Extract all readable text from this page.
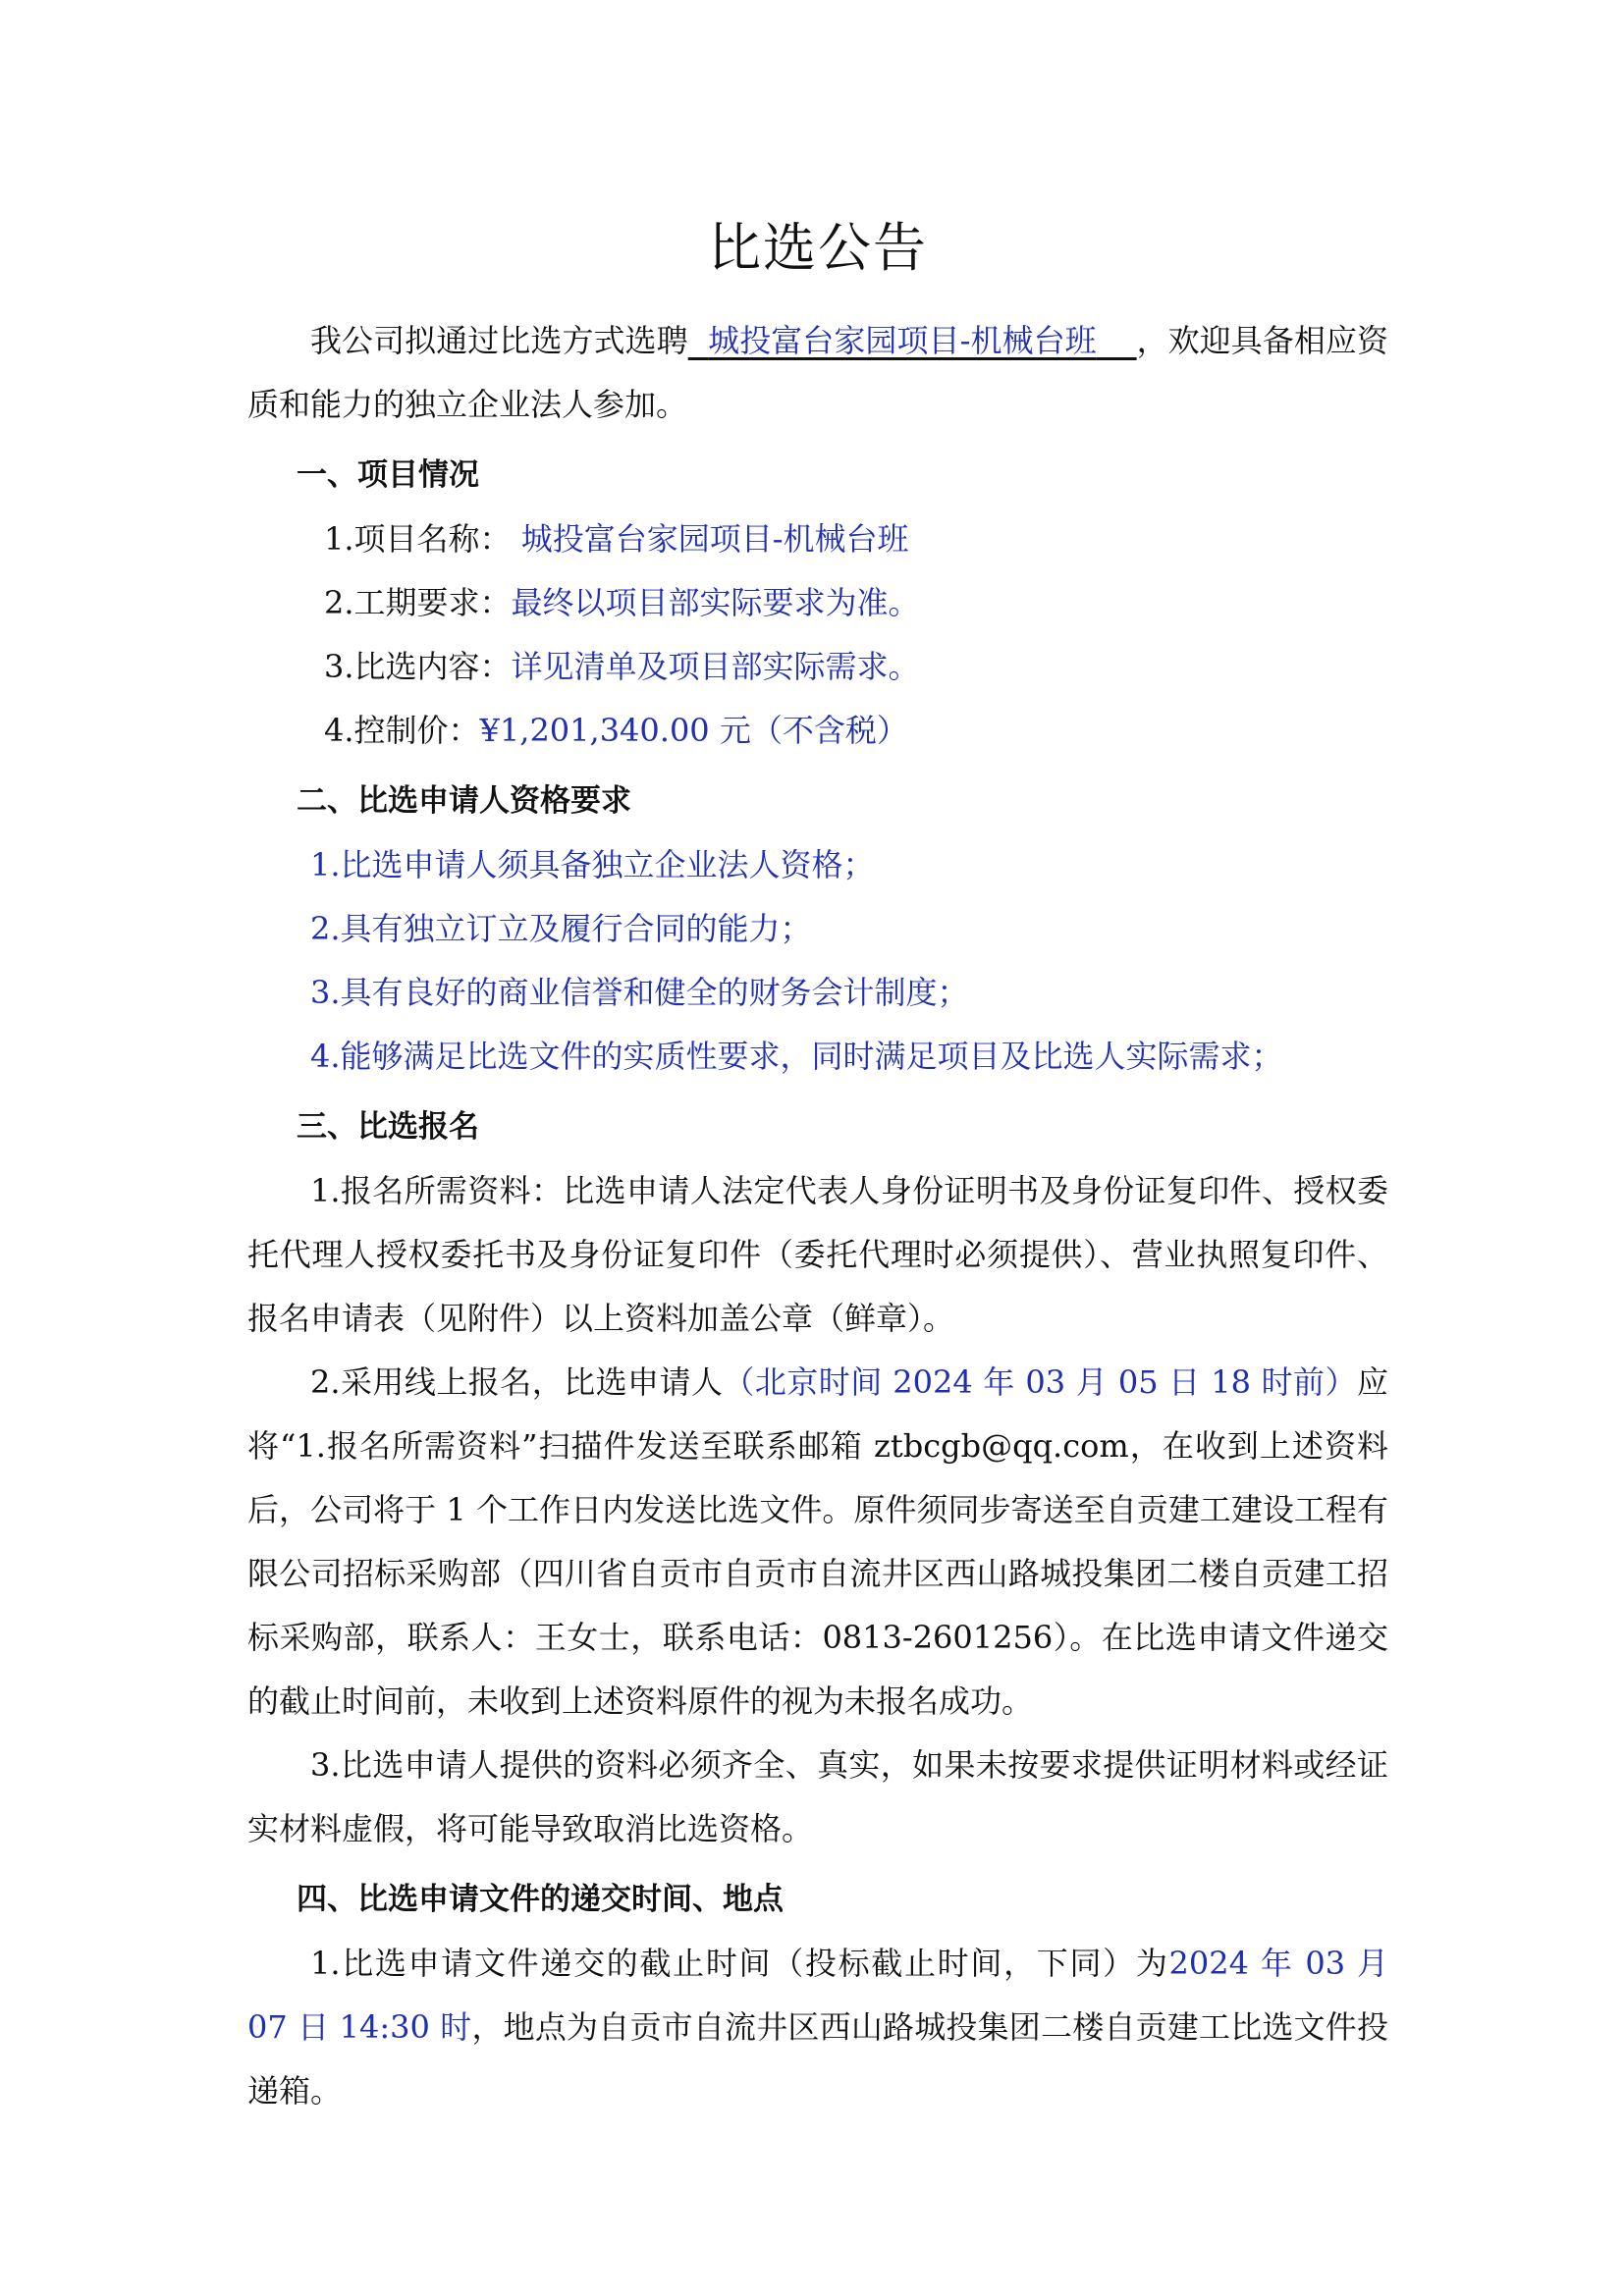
比选公告

我公司拟通过比选方式选聘 城投富台家园项目-机械台班 ，欢迎具备相应资质和能力的独立企业法人参加。

一、项目情况

1.项目名称： 城投富台家园项目-机械台班

2.工期要求：最终以项目部实际要求为准。

3.比选内容：详见清单及项目部实际需求。

4.控制价：¥1,201,340.00 元（不含税）

二、比选申请人资格要求

1.比选申请人须具备独立企业法人资格；

2.具有独立订立及履行合同的能力；

3.具有良好的商业信誉和健全的财务会计制度；

4.能够满足比选文件的实质性要求，同时满足项目及比选人实际需求；

三、比选报名

1.报名所需资料：比选申请人法定代表人身份证明书及身份证复印件、授权委托代理人授权委托书及身份证复印件（委托代理时必须提供）、营业执照复印件、报名申请表（见附件）以上资料加盖公章（鲜章）。

2.采用线上报名，比选申请人（北京时间 2024 年 03 月 05 日 18 时前）应将“1.报名所需资料”扫描件发送至联系邮箱 ztbcgb@qq.com，在收到上述资料后，公司将于 1 个工作日内发送比选文件。原件须同步寄送至自贡建工建设工程有限公司招标采购部（四川省自贡市自贡市自流井区西山路城投集团二楼自贡建工招标采购部，联系人：王女士，联系电话：0813-2601256）。在比选申请文件递交的截止时间前，未收到上述资料原件的视为未报名成功。

3.比选申请人提供的资料必须齐全、真实，如果未按要求提供证明材料或经证实材料虚假，将可能导致取消比选资格。

四、比选申请文件的递交时间、地点

1.比选申请文件递交的截止时间（投标截止时间，下同）为2024 年 03 月 07 日 14:30 时，地点为自贡市自流井区西山路城投集团二楼自贡建工比选文件投递箱。
